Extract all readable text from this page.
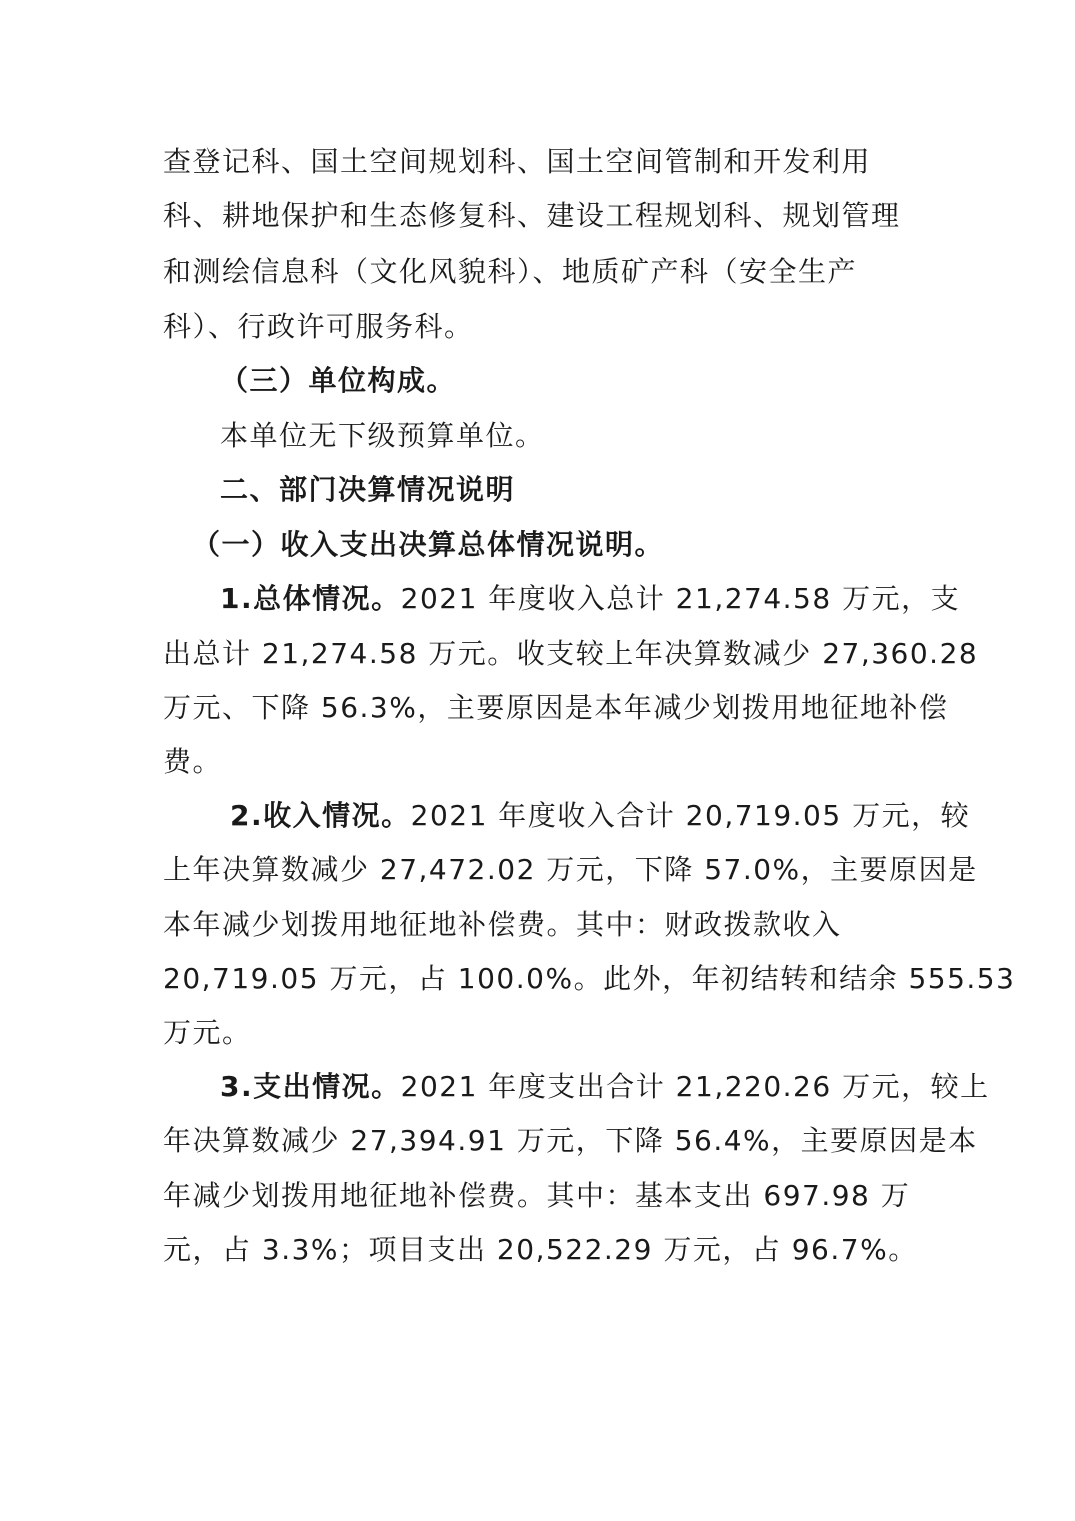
查登记科、国土空间规划科、国土空间管制和开发利用
科、耕地保护和生态修复科、建设工程规划科、规划管理
和测绘信息科（文化风貌科）、地质矿产科（安全生产
科）、行政许可服务科。
（三）单位构成。
本单位无下级预算单位。
二、部门决算情况说明
（一）收入支出决算总体情况说明。
1.总体情况。2021 年度收入总计 21,274.58 万元，支
出总计 21,274.58 万元。收支较上年决算数减少 27,360.28
万元、下降 56.3%，主要原因是本年减少划拨用地征地补偿
费。
2.收入情况。2021 年度收入合计 20,719.05 万元，较
上年决算数减少 27,472.02 万元，下降 57.0%，主要原因是
本年减少划拨用地征地补偿费。其中：财政拨款收入
20,719.05 万元，占 100.0%。此外，年初结转和结余 555.53
万元。
3.支出情况。2021 年度支出合计 21,220.26 万元，较上
年决算数减少 27,394.91 万元，下降 56.4%，主要原因是本
年减少划拨用地征地补偿费。其中：基本支出 697.98 万
元，占 3.3%；项目支出 20,522.29 万元，占 96.7%。
